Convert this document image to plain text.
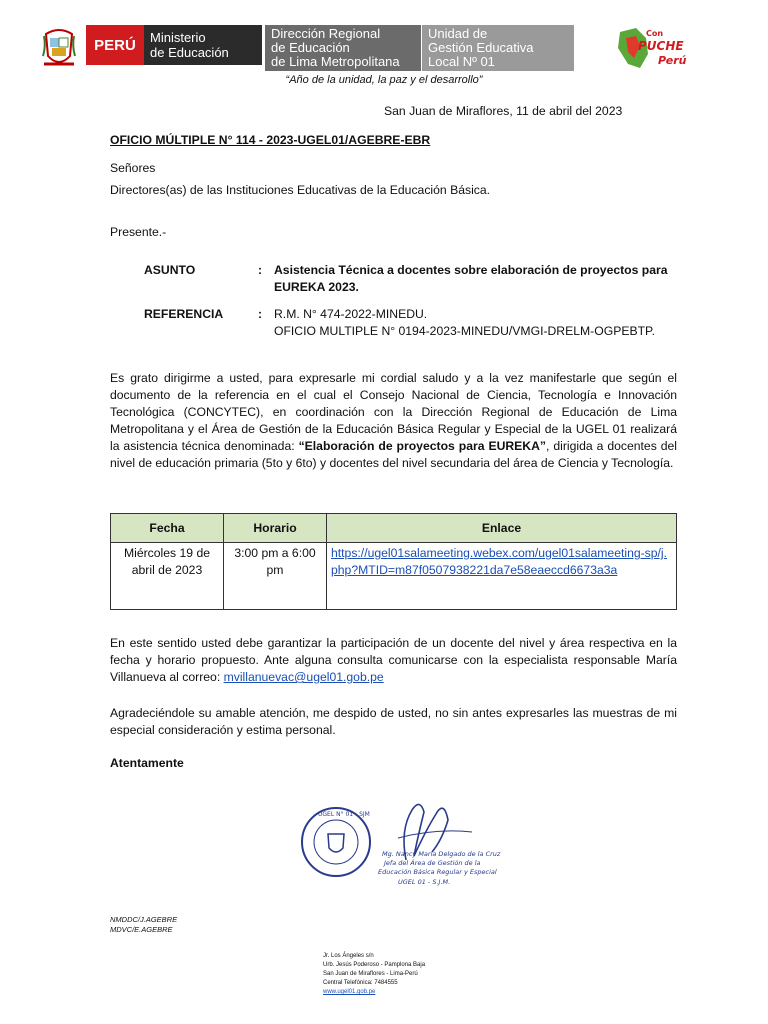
PERÚ	Ministerio
de Educación
Dirección Regional
de Educación
de Lima Metropolitana
Unidad de
Gestión Educativa
Local Nº 01
Con
PUCHE
Perú
“Año de la unidad, la paz y el desarrollo”
San Juan de Miraflores, 11 de abril del 2023
OFICIO MÚLTIPLE N° 114 - 2023-UGEL01/AGEBRE-EBR
Señores
Directores(as) de las Instituciones Educativas de la Educación Básica.
Presente.-
ASUNTO	: Asistencia Técnica a docentes sobre elaboración de proyectos para EUREKA 2023.
REFERENCIA	: R.M. N° 474-2022-MINEDU.
OFICIO MULTIPLE N° 0194-2023-MINEDU/VMGI-DRELM-OGPEBTP.
Es grato dirigirme a usted, para expresarle mi cordial saludo y a la vez manifestarle que según el documento de la referencia en el cual el Consejo Nacional de Ciencia, Tecnología e Innovación Tecnológica (CONCYTEC), en coordinación con la Dirección Regional de Educación de Lima Metropolitana y el Área de Gestión de la Educación Básica Regular y Especial de la UGEL 01 realizará la asistencia técnica denominada: “Elaboración de proyectos para EUREKA”, dirigida a docentes del nivel de educación primaria (5to y 6to) y docentes del nivel secundaria del área de Ciencia y Tecnología.
Fecha	Horario	Enlace
Miércoles 19 de abril de 2023	3:00 pm a 6:00 pm	https://ugel01salameeting.webex.com/ugel01salameeting-sp/j.php?MTID=m87f0507938221da7e58eaeccd6673a3a
En este sentido usted debe garantizar la participación de un docente del nivel y área respectiva en la fecha y horario propuesto. Ante alguna consulta comunicarse con la especialista responsable María Villanueva al correo: mvillanuevac@ugel01.gob.pe
Agradeciéndole su amable atención, me despido de usted, no sin antes expresarles las muestras de mi especial consideración y estima personal.
Atentamente
UGEL N° 01 - SJM
Mg. Nancy María Delgado de la Cruz
Jefa del Área de Gestión de la
Educación Básica Regular y Especial
UGEL 01 - S.J.M.
NMDDC/J.AGEBRE
MDVC/E.AGEBRE
Jr. Los Ángeles s/n
Urb. Jesús Poderoso - Pamplona Baja
San Juan de Miraflores - Lima-Perú
Central Telefónica: 7484555
www.ugel01.gob.pe
